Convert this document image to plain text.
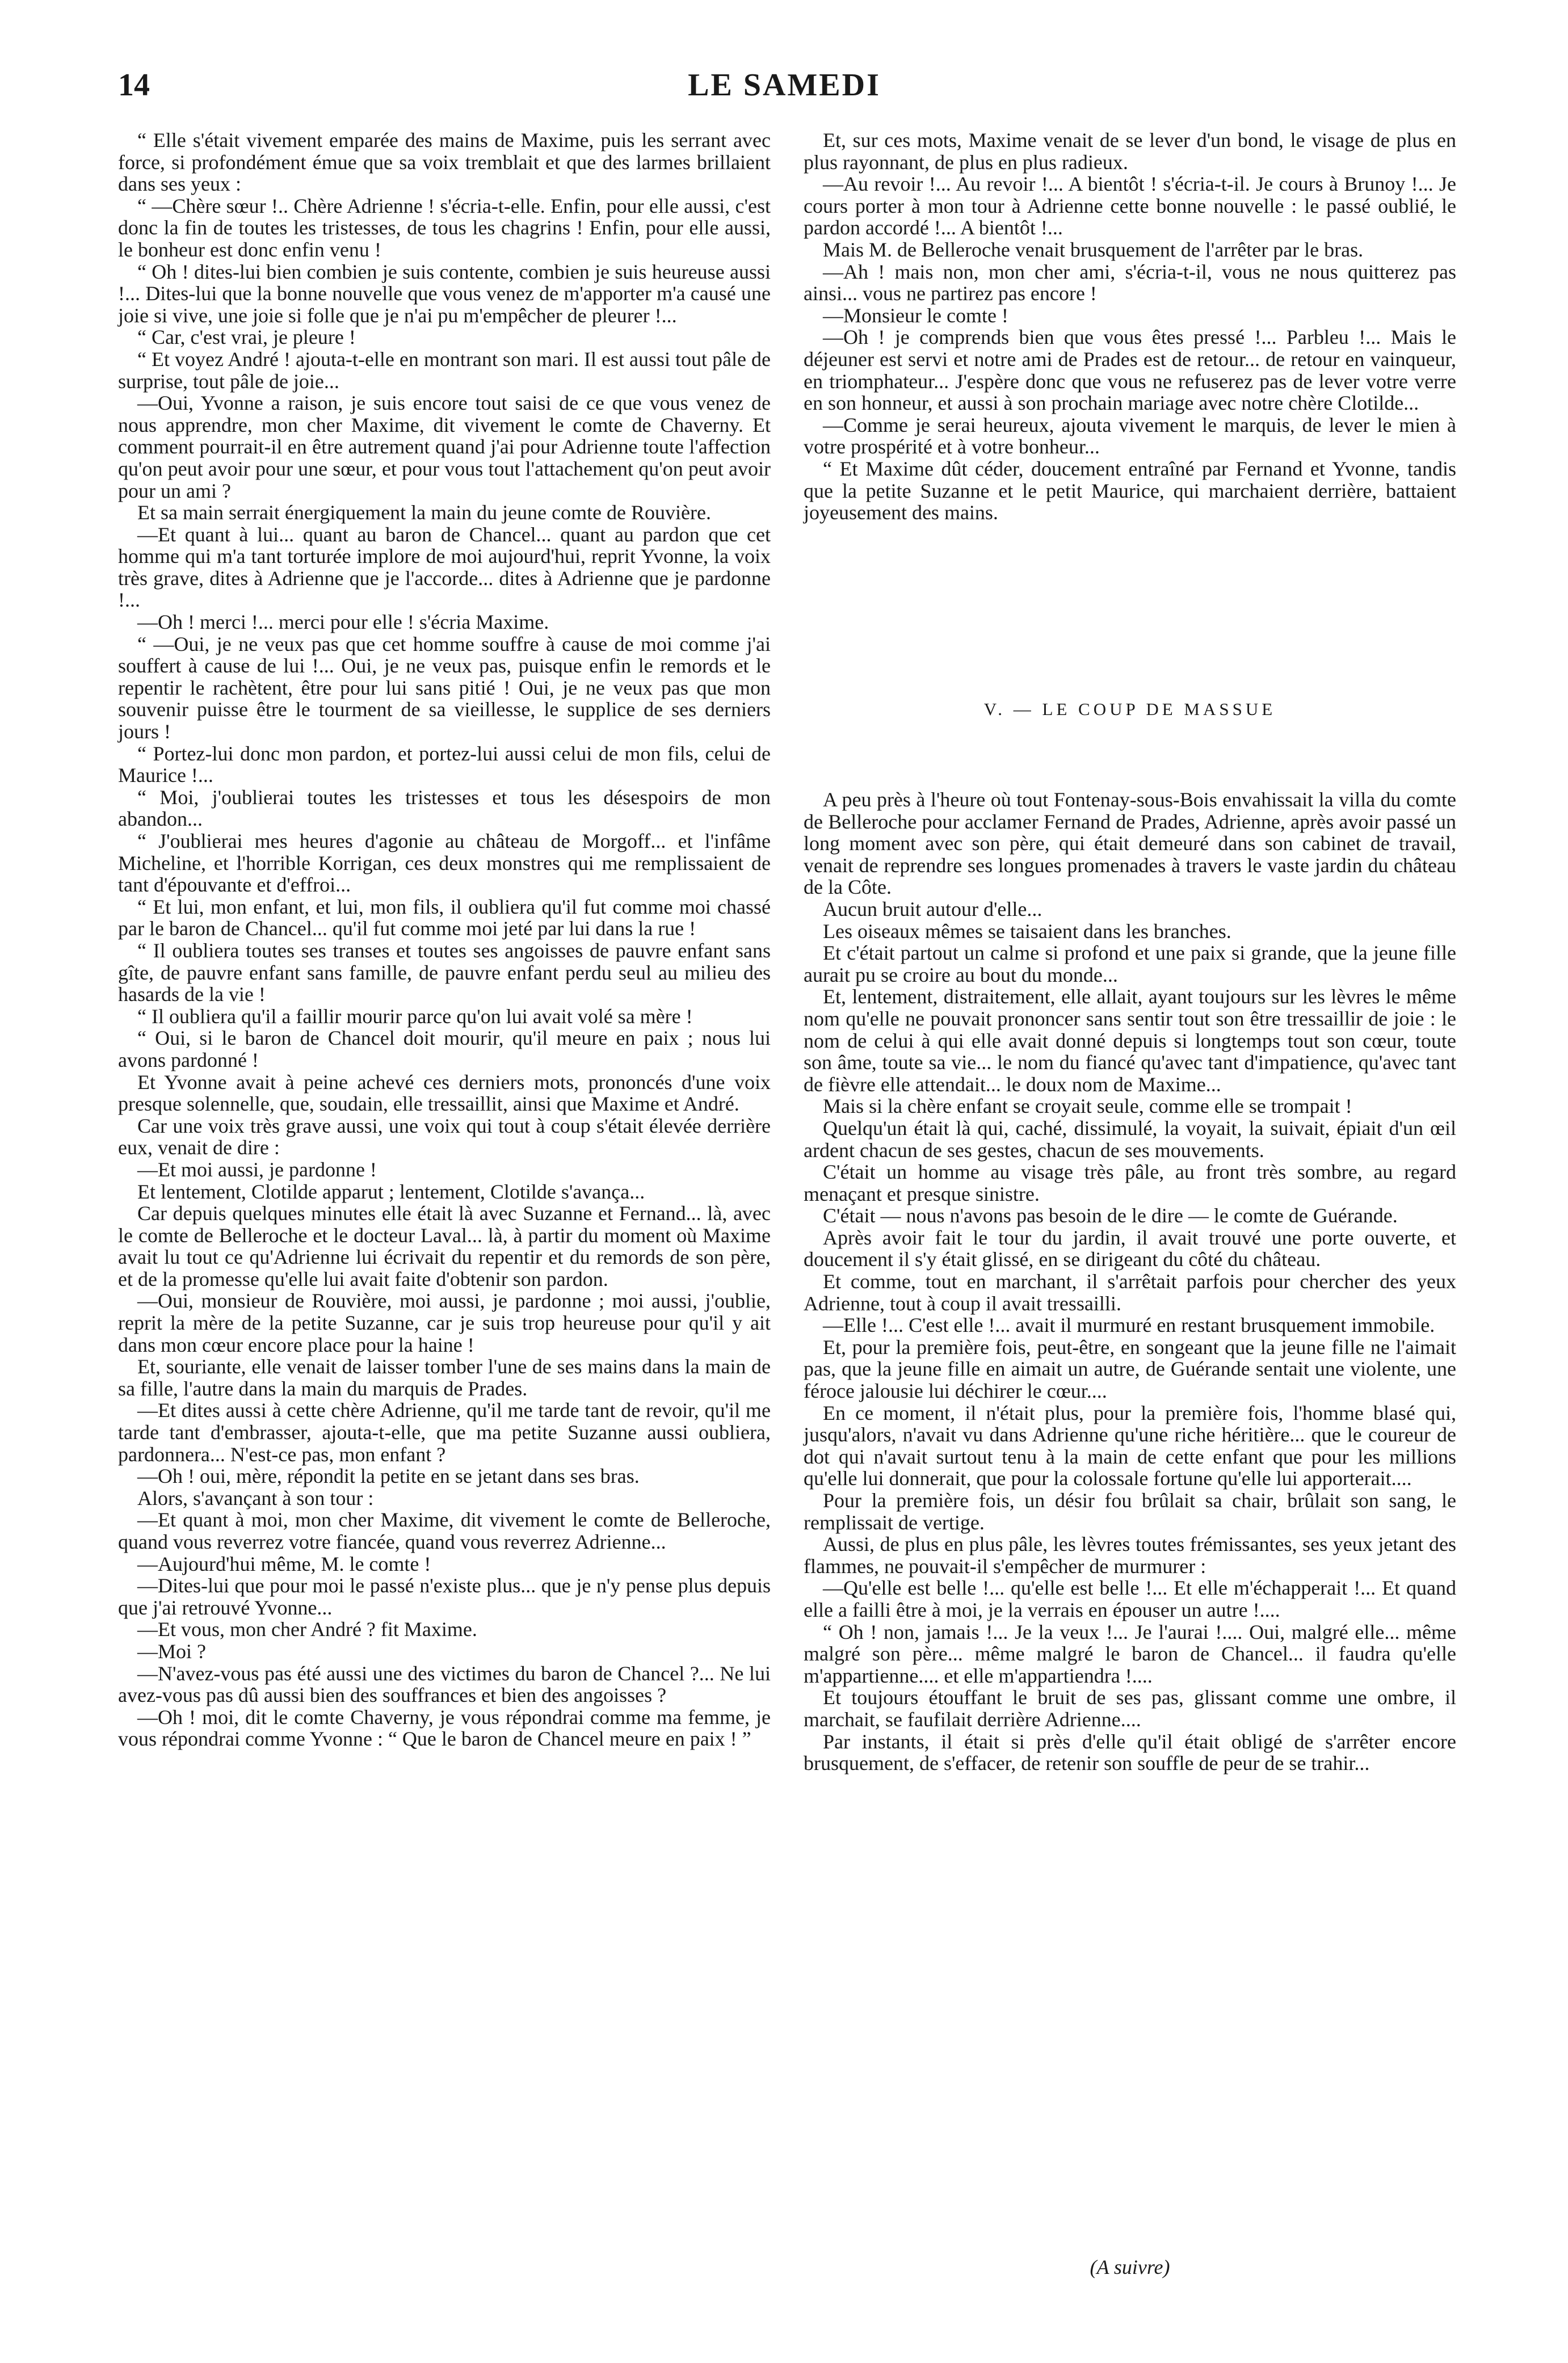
14	LE SAMEDI

“ Elle s'était vivement emparée des mains de Maxime, puis les serrant avec force, si profondément émue que sa voix tremblait et que des larmes brillaient dans ses yeux :

“ —Chère sœur !.. Chère Adrienne ! s'écria-t-elle. Enfin, pour elle aussi, c'est donc la fin de toutes les tristesses, de tous les chagrins ! Enfin, pour elle aussi, le bonheur est donc enfin venu !

“ Oh ! dites-lui bien combien je suis contente, combien je suis heureuse aussi !... Dites-lui que la bonne nouvelle que vous venez de m'apporter m'a causé une joie si vive, une joie si folle que je n'ai pu m'empêcher de pleurer !...

“ Car, c'est vrai, je pleure !

“ Et voyez André ! ajouta-t-elle en montrant son mari. Il est aussi tout pâle de surprise, tout pâle de joie...

—Oui, Yvonne a raison, je suis encore tout saisi de ce que vous venez de nous apprendre, mon cher Maxime, dit vivement le comte de Chaverny. Et comment pourrait-il en être autrement quand j'ai pour Adrienne toute l'affection qu'on peut avoir pour une sœur, et pour vous tout l'attachement qu'on peut avoir pour un ami ?

Et sa main serrait énergiquement la main du jeune comte de Rouvière.

—Et quant à lui... quant au baron de Chancel... quant au pardon que cet homme qui m'a tant torturée implore de moi aujourd'hui, reprit Yvonne, la voix très grave, dites à Adrienne que je l'accorde... dites à Adrienne que je pardonne !...

—Oh ! merci !... merci pour elle ! s'écria Maxime.

“ —Oui, je ne veux pas que cet homme souffre à cause de moi comme j'ai souffert à cause de lui !... Oui, je ne veux pas, puisque enfin le remords et le repentir le rachètent, être pour lui sans pitié ! Oui, je ne veux pas que mon souvenir puisse être le tourment de sa vieillesse, le supplice de ses derniers jours !

“ Portez-lui donc mon pardon, et portez-lui aussi celui de mon fils, celui de Maurice !...

“ Moi, j'oublierai toutes les tristesses et tous les désespoirs de mon abandon...

“ J'oublierai mes heures d'agonie au château de Morgoff... et l'infâme Micheline, et l'horrible Korrigan, ces deux monstres qui me remplissaient de tant d'épouvante et d'effroi...

“ Et lui, mon enfant, et lui, mon fils, il oubliera qu'il fut comme moi chassé par le baron de Chancel... qu'il fut comme moi jeté par lui dans la rue !

“ Il oubliera toutes ses transes et toutes ses angoisses de pauvre enfant sans gîte, de pauvre enfant sans famille, de pauvre enfant perdu seul au milieu des hasards de la vie !

“ Il oubliera qu'il a faillir mourir parce qu'on lui avait volé sa mère !

“ Oui, si le baron de Chancel doit mourir, qu'il meure en paix ; nous lui avons pardonné !

Et Yvonne avait à peine achevé ces derniers mots, prononcés d'une voix presque solennelle, que, soudain, elle tressaillit, ainsi que Maxime et André.

Car une voix très grave aussi, une voix qui tout à coup s'était élevée derrière eux, venait de dire :

—Et moi aussi, je pardonne !

Et lentement, Clotilde apparut ; lentement, Clotilde s'avança...

Car depuis quelques minutes elle était là avec Suzanne et Fernand... là, avec le comte de Belleroche et le docteur Laval... là, à partir du moment où Maxime avait lu tout ce qu'Adrienne lui écrivait du repentir et du remords de son père, et de la promesse qu'elle lui avait faite d'obtenir son pardon.

—Oui, monsieur de Rouvière, moi aussi, je pardonne ; moi aussi, j'oublie, reprit la mère de la petite Suzanne, car je suis trop heureuse pour qu'il y ait dans mon cœur encore place pour la haine !

Et, souriante, elle venait de laisser tomber l'une de ses mains dans la main de sa fille, l'autre dans la main du marquis de Prades.

—Et dites aussi à cette chère Adrienne, qu'il me tarde tant de revoir, qu'il me tarde tant d'embrasser, ajouta-t-elle, que ma petite Suzanne aussi oubliera, pardonnera... N'est-ce pas, mon enfant ?

—Oh ! oui, mère, répondit la petite en se jetant dans ses bras.

Alors, s'avançant à son tour :

—Et quant à moi, mon cher Maxime, dit vivement le comte de Belleroche, quand vous reverrez votre fiancée, quand vous reverrez Adrienne...

—Aujourd'hui même, M. le comte !

—Dites-lui que pour moi le passé n'existe plus... que je n'y pense plus depuis que j'ai retrouvé Yvonne...

—Et vous, mon cher André ? fit Maxime.

—Moi ?

—N'avez-vous pas été aussi une des victimes du baron de Chancel ?... Ne lui avez-vous pas dû aussi bien des souffrances et bien des angoisses ?

—Oh ! moi, dit le comte Chaverny, je vous répondrai comme ma femme, je vous répondrai comme Yvonne : “ Que le baron de Chancel meure en paix ! ”

Et, sur ces mots, Maxime venait de se lever d'un bond, le visage de plus en plus rayonnant, de plus en plus radieux.

—Au revoir !... Au revoir !... A bientôt ! s'écria-t-il. Je cours à Brunoy !... Je cours porter à mon tour à Adrienne cette bonne nouvelle : le passé oublié, le pardon accordé !... A bientôt !...

Mais M. de Belleroche venait brusquement de l'arrêter par le bras.

—Ah ! mais non, mon cher ami, s'écria-t-il, vous ne nous quitterez pas ainsi... vous ne partirez pas encore !

—Monsieur le comte !

—Oh ! je comprends bien que vous êtes pressé !... Parbleu !... Mais le déjeuner est servi et notre ami de Prades est de retour... de retour en vainqueur, en triomphateur... J'espère donc que vous ne refuserez pas de lever votre verre en son honneur, et aussi à son prochain mariage avec notre chère Clotilde...

—Comme je serai heureux, ajouta vivement le marquis, de lever le mien à votre prospérité et à votre bonheur...

“ Et Maxime dût céder, doucement entraîné par Fernand et Yvonne, tandis que la petite Suzanne et le petit Maurice, qui marchaient derrière, battaient joyeusement des mains.

V. — LE COUP DE MASSUE

A peu près à l'heure où tout Fontenay-sous-Bois envahissait la villa du comte de Belleroche pour acclamer Fernand de Prades, Adrienne, après avoir passé un long moment avec son père, qui était demeuré dans son cabinet de travail, venait de reprendre ses longues promenades à travers le vaste jardin du château de la Côte.

Aucun bruit autour d'elle...

Les oiseaux mêmes se taisaient dans les branches.

Et c'était partout un calme si profond et une paix si grande, que la jeune fille aurait pu se croire au bout du monde...

Et, lentement, distraitement, elle allait, ayant toujours sur les lèvres le même nom qu'elle ne pouvait prononcer sans sentir tout son être tressaillir de joie : le nom de celui à qui elle avait donné depuis si longtemps tout son cœur, toute son âme, toute sa vie... le nom du fiancé qu'avec tant d'impatience, qu'avec tant de fièvre elle attendait... le doux nom de Maxime...

Mais si la chère enfant se croyait seule, comme elle se trompait !

Quelqu'un était là qui, caché, dissimulé, la voyait, la suivait, épiait d'un œil ardent chacun de ses gestes, chacun de ses mouvements.

C'était un homme au visage très pâle, au front très sombre, au regard menaçant et presque sinistre.

C'était — nous n'avons pas besoin de le dire — le comte de Guérande.

Après avoir fait le tour du jardin, il avait trouvé une porte ouverte, et doucement il s'y était glissé, en se dirigeant du côté du château.

Et comme, tout en marchant, il s'arrêtait parfois pour chercher des yeux Adrienne, tout à coup il avait tressailli.

—Elle !... C'est elle !... avait il murmuré en restant brusquement immobile.

Et, pour la première fois, peut-être, en songeant que la jeune fille ne l'aimait pas, que la jeune fille en aimait un autre, de Guérande sentait une violente, une féroce jalousie lui déchirer le cœur....

En ce moment, il n'était plus, pour la première fois, l'homme blasé qui, jusqu'alors, n'avait vu dans Adrienne qu'une riche héritière... que le coureur de dot qui n'avait surtout tenu à la main de cette enfant que pour les millions qu'elle lui donnerait, que pour la colossale fortune qu'elle lui apporterait....

Pour la première fois, un désir fou brûlait sa chair, brûlait son sang, le remplissait de vertige.

Aussi, de plus en plus pâle, les lèvres toutes frémissantes, ses yeux jetant des flammes, ne pouvait-il s'empêcher de murmurer :

—Qu'elle est belle !... qu'elle est belle !... Et elle m'échapperait !... Et quand elle a failli être à moi, je la verrais en épouser un autre !....

“ Oh ! non, jamais !... Je la veux !... Je l'aurai !.... Oui, malgré elle... même malgré son père... même malgré le baron de Chancel... il faudra qu'elle m'appartienne.... et elle m'appartiendra !....

Et toujours étouffant le bruit de ses pas, glissant comme une ombre, il marchait, se faufilait derrière Adrienne....

Par instants, il était si près d'elle qu'il était obligé de s'arrêter encore brusquement, de s'effacer, de retenir son souffle de peur de se trahir...

(A suivre)
